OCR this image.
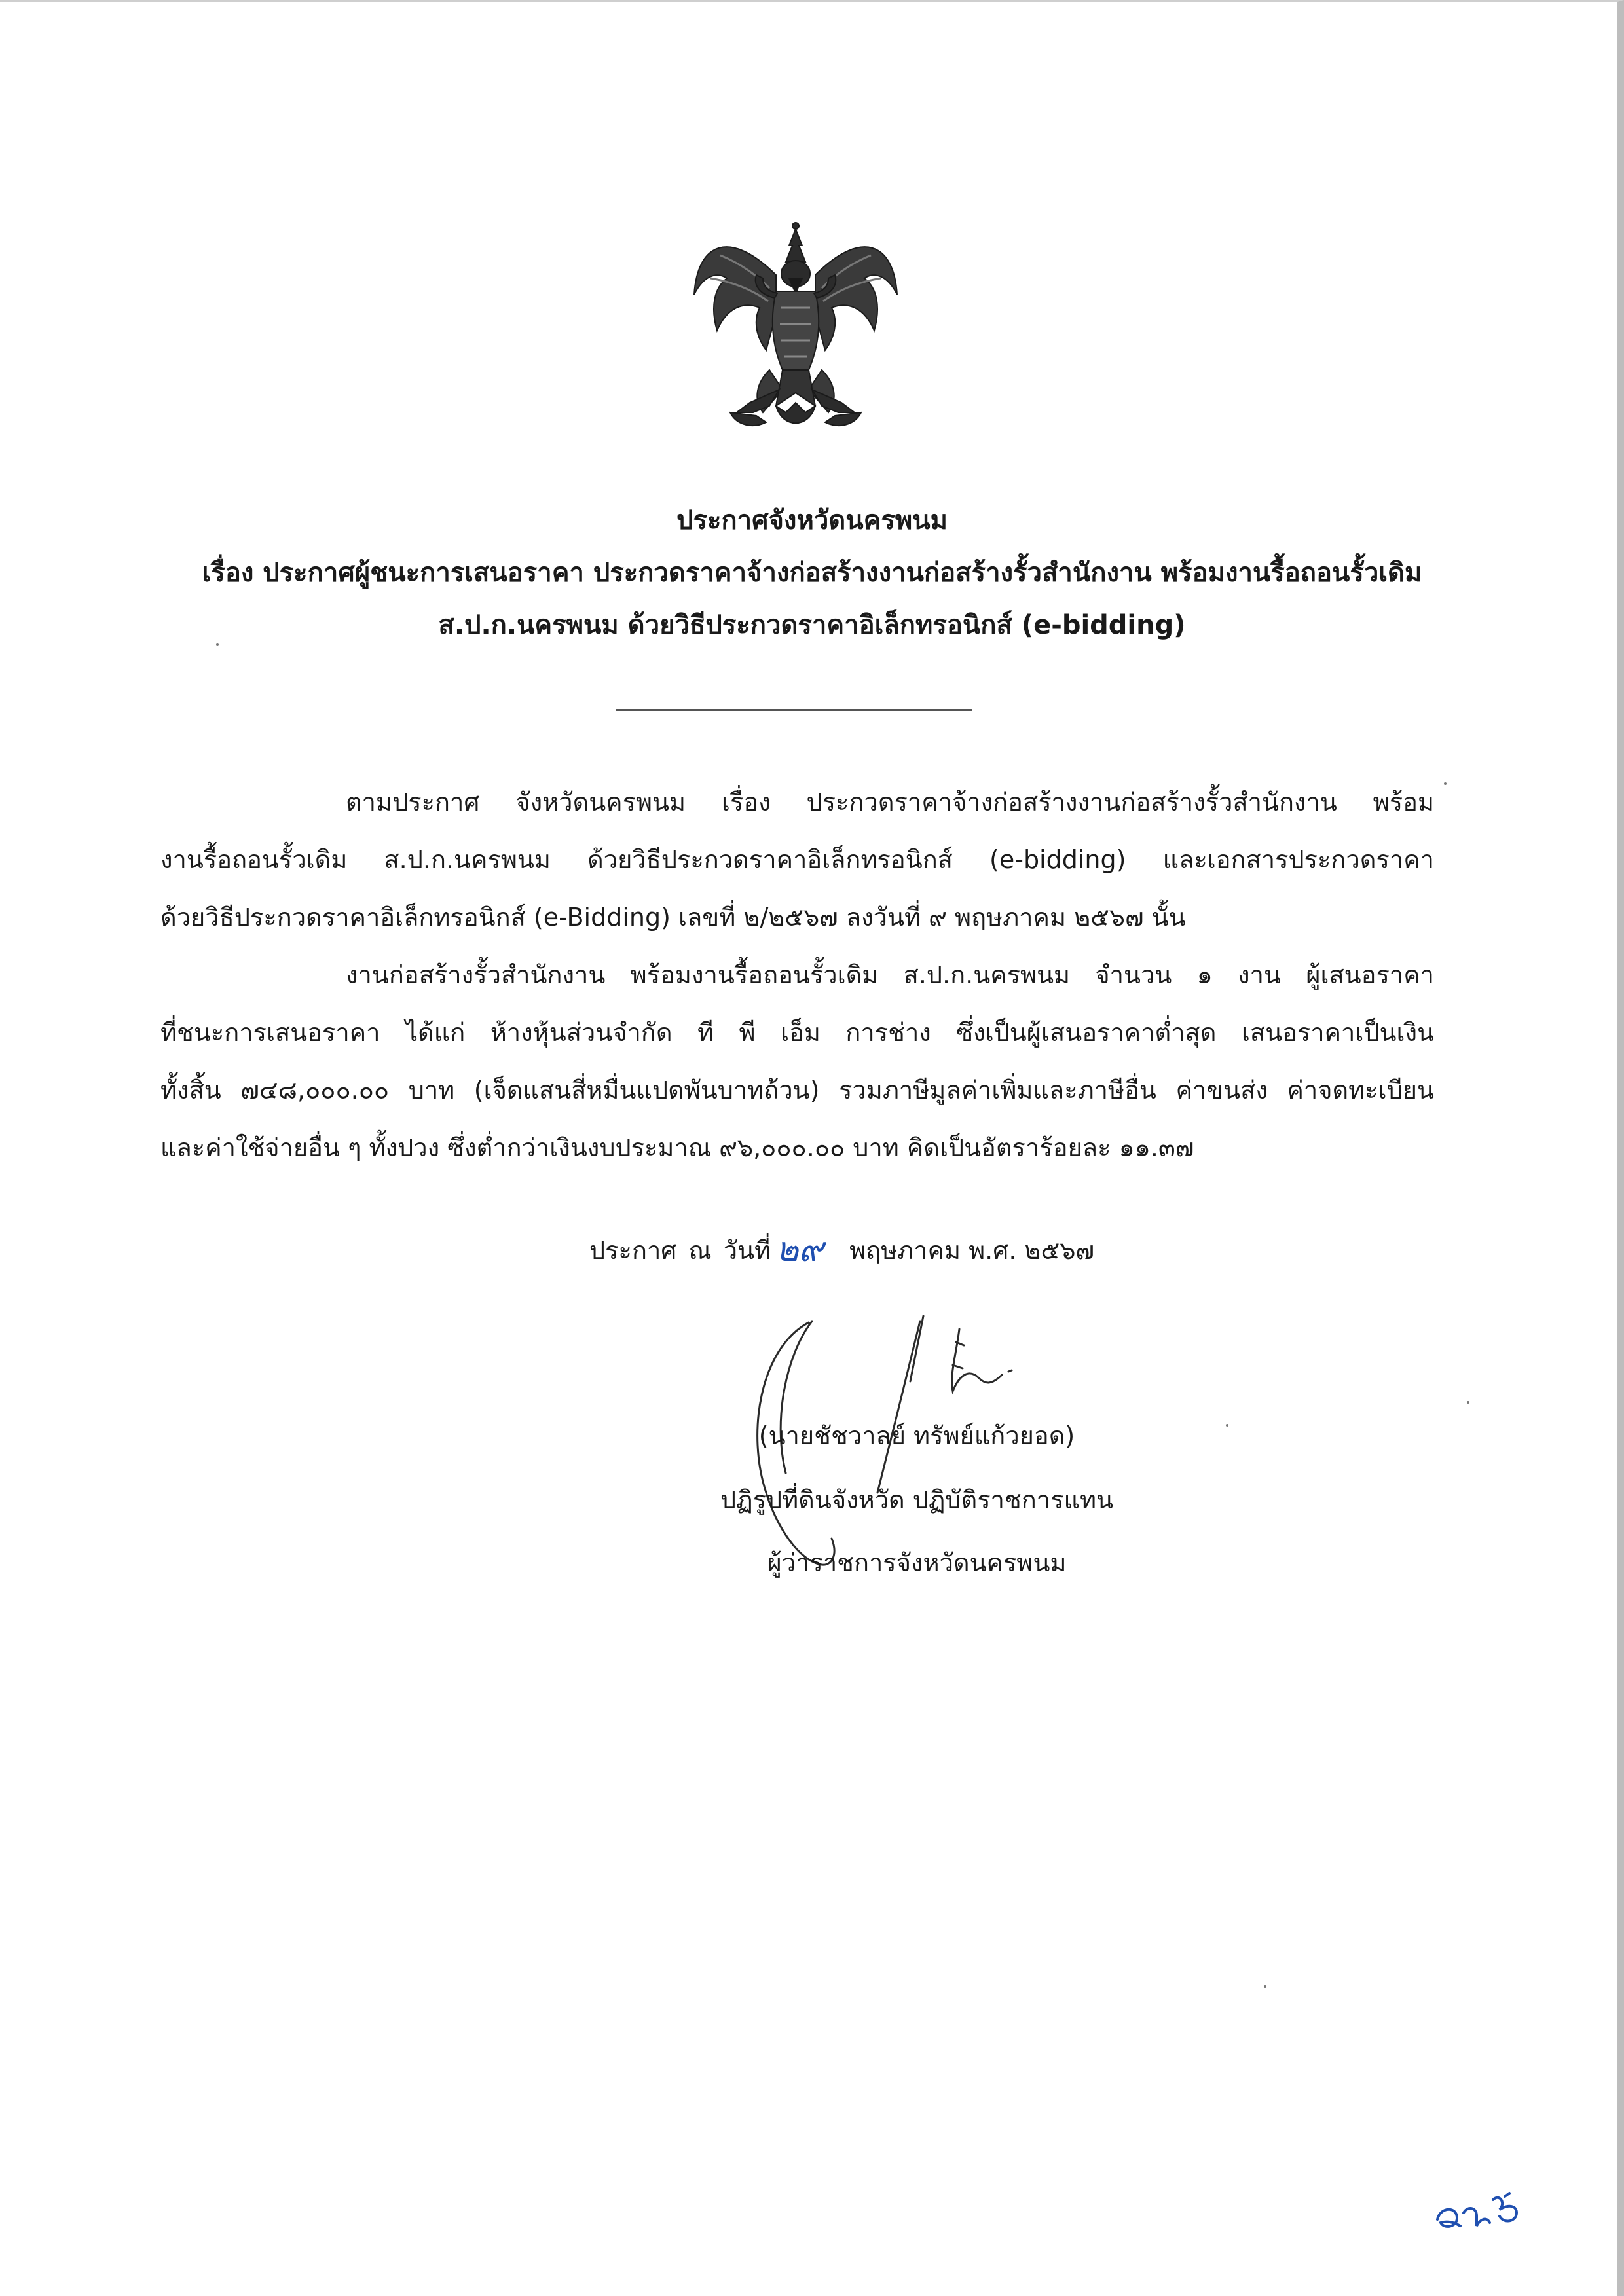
ประกาศจังหวัดนครพนม
เรื่อง ประกาศผู้ชนะการเสนอราคา ประกวดราคาจ้างก่อสร้างงานก่อสร้างรั้วสำนักงาน พร้อมงานรื้อถอนรั้วเดิม
ส.ป.ก.นครพนม ด้วยวิธีประกวดราคาอิเล็กทรอนิกส์ (e-bidding)
ตามประกาศ จังหวัดนครพนม เรื่อง ประกวดราคาจ้างก่อสร้างงานก่อสร้างรั้วสำนักงาน พร้อม
งานรื้อถอนรั้วเดิม ส.ป.ก.นครพนม ด้วยวิธีประกวดราคาอิเล็กทรอนิกส์ (e-bidding) และเอกสารประกวดราคา
ด้วยวิธีประกวดราคาอิเล็กทรอนิกส์ (e-Bidding) เลขที่ ๒/๒๕๖๗ ลงวันที่ ๙ พฤษภาคม ๒๕๖๗ นั้น
งานก่อสร้างรั้วสำนักงาน พร้อมงานรื้อถอนรั้วเดิม ส.ป.ก.นครพนม จำนวน ๑ งาน ผู้เสนอราคา
ที่ชนะการเสนอราคา ได้แก่ ห้างหุ้นส่วนจำกัด ที พี เอ็ม การช่าง ซึ่งเป็นผู้เสนอราคาต่ำสุด เสนอราคาเป็นเงิน
ทั้งสิ้น ๗๔๘,๐๐๐.๐๐ บาท (เจ็ดแสนสี่หมื่นแปดพันบาทถ้วน) รวมภาษีมูลค่าเพิ่มและภาษีอื่น ค่าขนส่ง ค่าจดทะเบียน
และค่าใช้จ่ายอื่น ๆ ทั้งปวง ซึ่งต่ำกว่าเงินงบประมาณ ๙๖,๐๐๐.๐๐ บาท คิดเป็นอัตราร้อยละ ๑๑.๓๗
ประกาศ ณ วันที่ ๒๙ พฤษภาคม พ.ศ. ๒๕๖๗
(นายชัชวาลย์ ทรัพย์แก้วยอด)
ปฏิรูปที่ดินจังหวัด ปฏิบัติราชการแทน
ผู้ว่าราชการจังหวัดนครพนม
